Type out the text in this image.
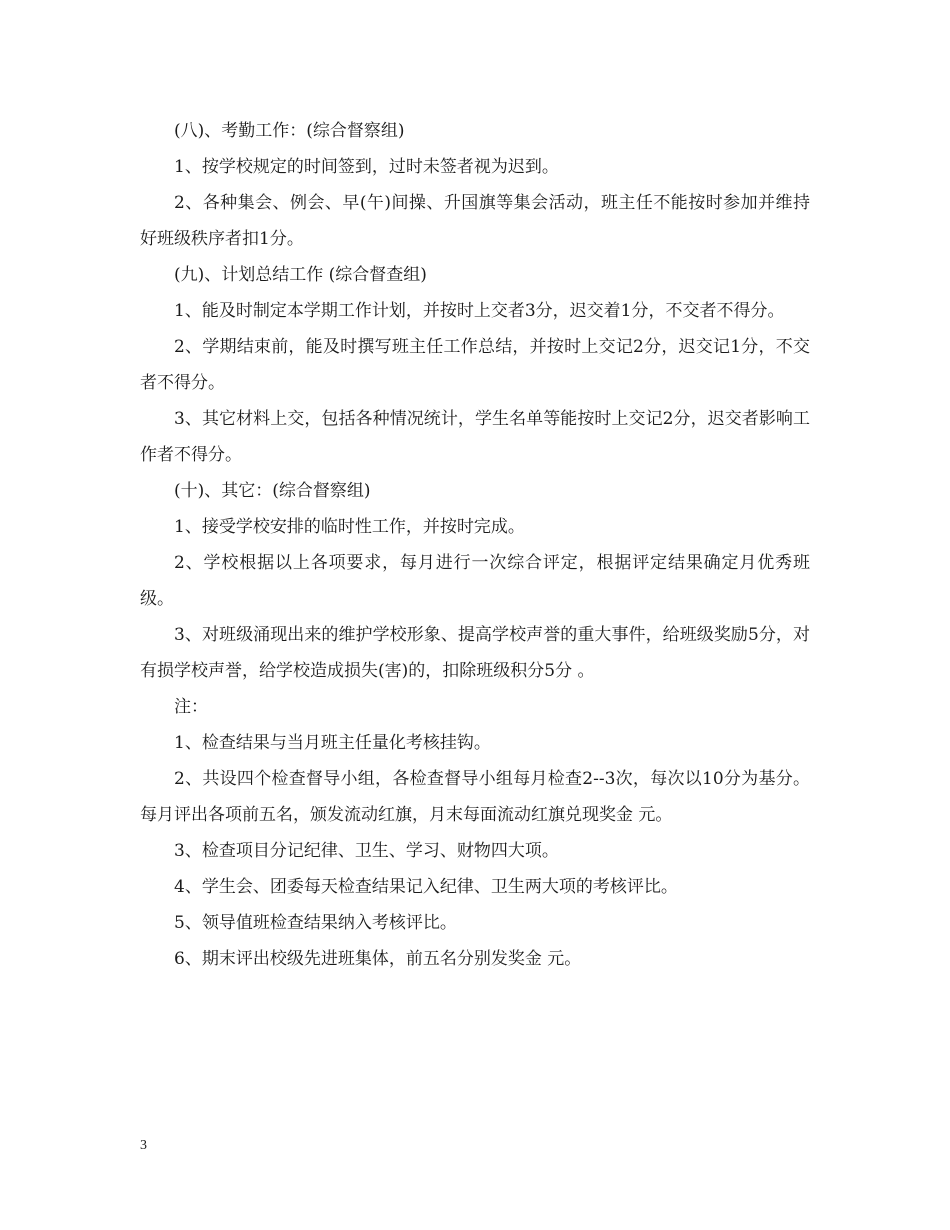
(八)、考勤工作：(综合督察组)

1、按学校规定的时间签到，过时未签者视为迟到。

2、各种集会、例会、早(午)间操、升国旗等集会活动，班主任不能按时参加并维持好班级秩序者扣1分。

(九)、计划总结工作 (综合督查组)

1、能及时制定本学期工作计划，并按时上交者3分，迟交着1分，不交者不得分。

2、学期结束前，能及时撰写班主任工作总结，并按时上交记2分，迟交记1分，不交者不得分。

3、其它材料上交，包括各种情况统计，学生名单等能按时上交记2分，迟交者影响工作者不得分。

(十)、其它：(综合督察组)

1、接受学校安排的临时性工作，并按时完成。

2、学校根据以上各项要求，每月进行一次综合评定，根据评定结果确定月优秀班级。

3、对班级涌现出来的维护学校形象、提高学校声誉的重大事件，给班级奖励5分，对有损学校声誉，给学校造成损失(害)的，扣除班级积分5分 。

注：

1、检查结果与当月班主任量化考核挂钩。

2、共设四个检查督导小组，各检查督导小组每月检查2--3次，每次以10分为基分。每月评出各项前五名，颁发流动红旗，月末每面流动红旗兑现奖金 元。

3、检查项目分记纪律、卫生、学习、财物四大项。

4、学生会、团委每天检查结果记入纪律、卫生两大项的考核评比。

5、领导值班检查结果纳入考核评比。

6、期末评出校级先进班集体，前五名分别发奖金 元。

3
